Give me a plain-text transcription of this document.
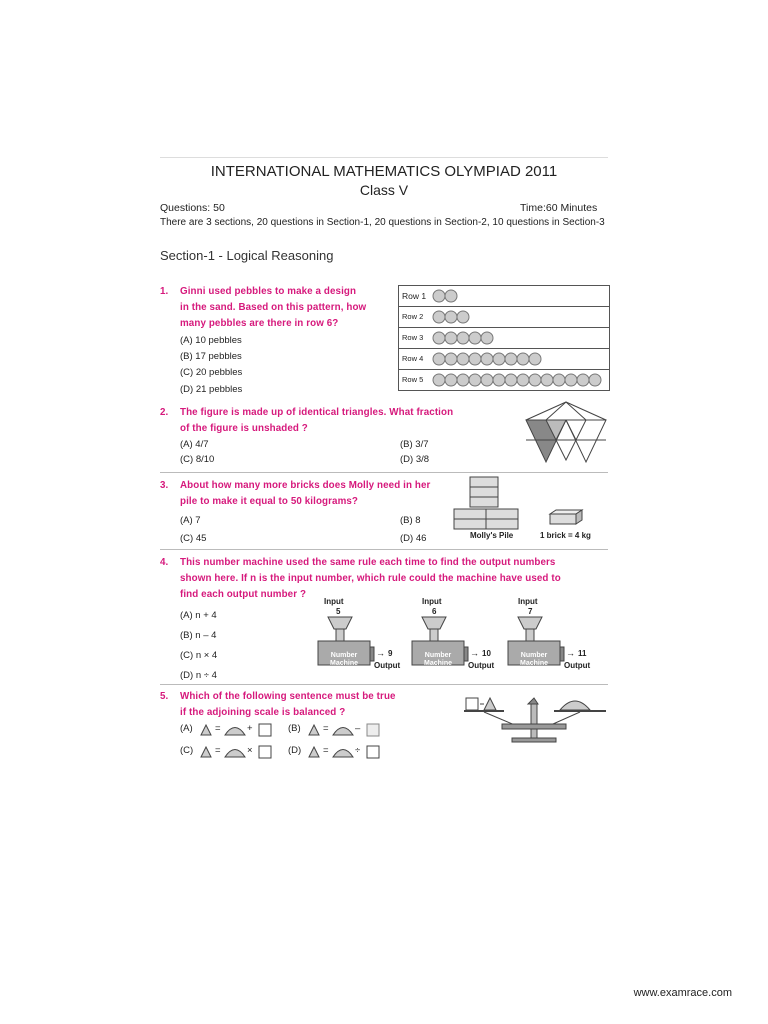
INTERNATIONAL MATHEMATICS OLYMPIAD 2011
Class V
Questions: 50	Time:60 Minutes
There are 3 sections, 20 questions in Section-1, 20 questions in Section-2, 10 questions in Section-3
Section-1 - Logical Reasoning
1. Ginni used pebbles to make a design
in the sand. Based on this pattern, how
many pebbles are there in row 6?
(A) 10 pebbles
(B) 17 pebbles
(C) 20 pebbles
(D) 21 pebbles
Row 1
Row 2
Row 3
Row 4
Row 5
2. The figure is made up of identical triangles. What fraction
of the figure is unshaded ?
(A) 4/7	(B) 3/7
(C) 8/10	(D) 3/8
3. About how many more bricks does Molly need in her
pile to make it equal to 50 kilograms?
(A) 7	(B) 8
(C) 45	(D) 46	Molly's Pile	1 brick = 4 kg
4. This number machine used the same rule each time to find the output numbers
shown here. If n is the input number, which rule could the machine have used to
find each output number ?
(A) n + 4
(B) n – 4
(C) n × 4
(D) n ÷ 4
Input
5
Number Machine
→ 9
Output
Input
6
Number Machine
→ 10
Output
Input
7
Number Machine
→ 11
Output
5. Which of the following sentence must be true
if the adjoining scale is balanced ?
(A) =	+	(B) =	–
(C) =	×	(D) =	÷
www.examrace.com
